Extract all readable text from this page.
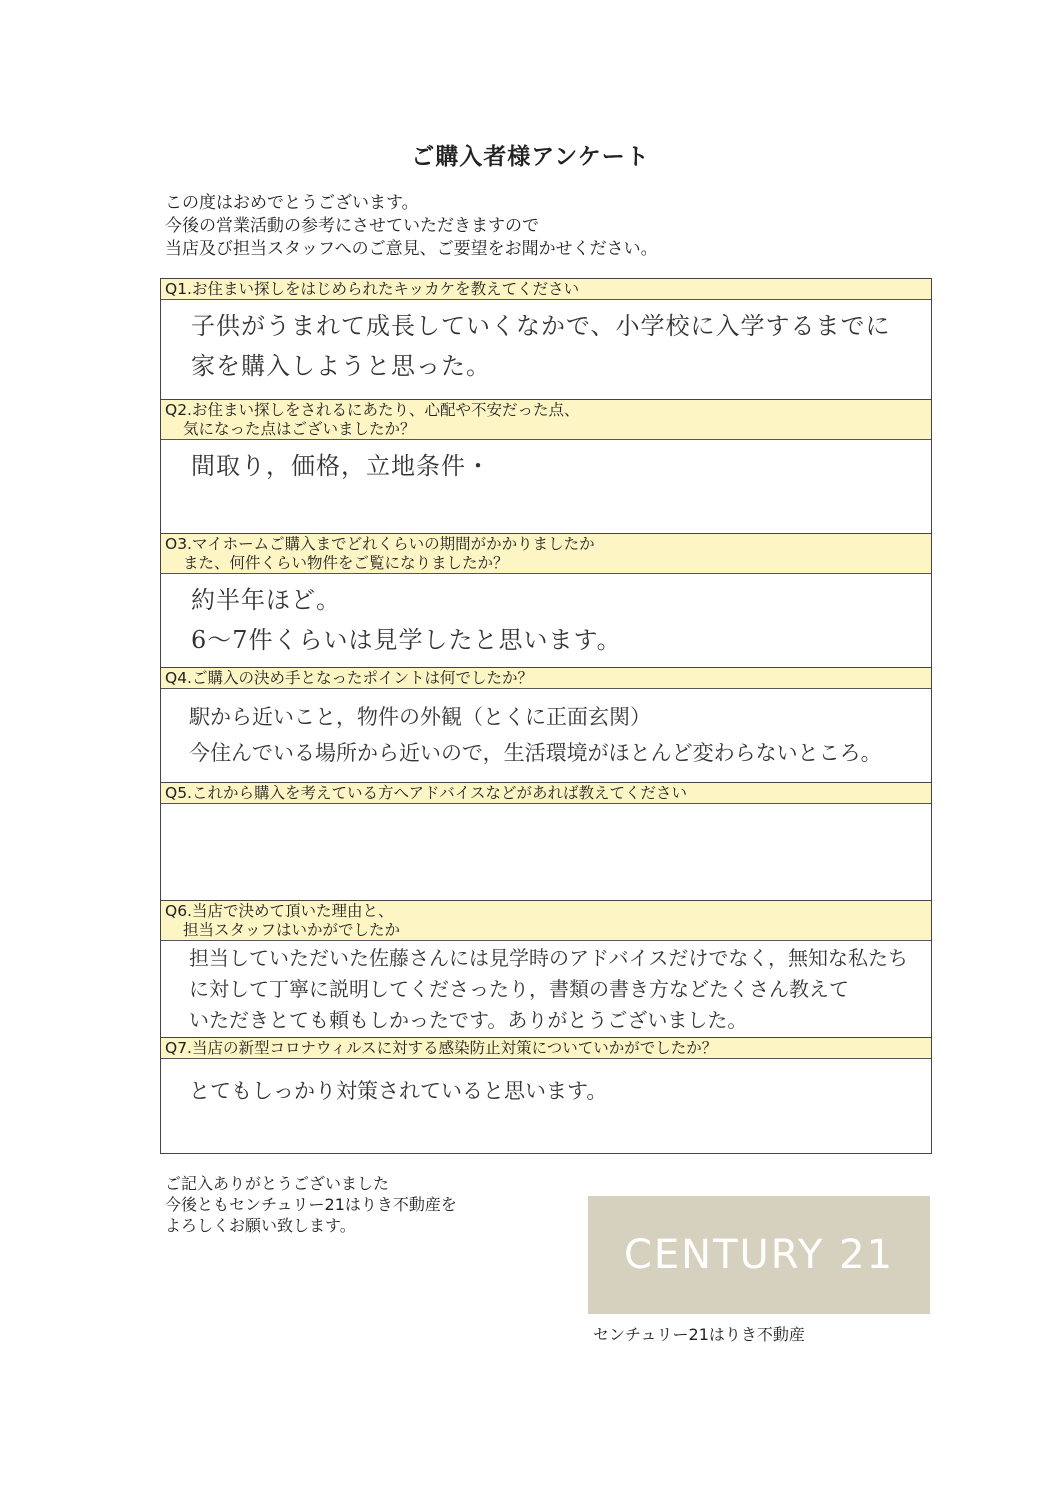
ご購入者様アンケート
この度はおめでとうございます。
今後の営業活動の参考にさせていただきますので
当店及び担当スタッフへのご意見、ご要望をお聞かせください。
Q1.お住まい探しをはじめられたキッカケを教えてください
子供がうまれて成長していくなかで、小学校に入学するまでに
家を購入しようと思った。
Q2.お住まい探しをされるにあたり、心配や不安だった点、
気になった点はございましたか？
間取り，価格，立地条件・
O3.マイホームご購入までどれくらいの期間がかかりましたか
また、何件くらい物件をご覧になりましたか？
約半年ほど。
6～7件くらいは見学したと思います。
Q4.ご購入の決め手となったポイントは何でしたか？
駅から近いこと，物件の外観（とくに正面玄関）
今住んでいる場所から近いので，生活環境がほとんど変わらないところ。
Q5.これから購入を考えている方へアドバイスなどがあれば教えてください
Q6.当店で決めて頂いた理由と、
担当スタッフはいかがでしたか
担当していただいた佐藤さんには見学時のアドバイスだけでなく，無知な私たち
に対して丁寧に説明してくださったり，書類の書き方などたくさん教えて
いただきとても頼もしかったです。ありがとうございました。
Q7.当店の新型コロナウィルスに対する感染防止対策についていかがでしたか？
とてもしっかり対策されていると思います。
ご記入ありがとうございました
今後ともセンチュリー21はりき不動産を
よろしくお願い致します。
CENTURY 21
センチュリー21はりき不動産
